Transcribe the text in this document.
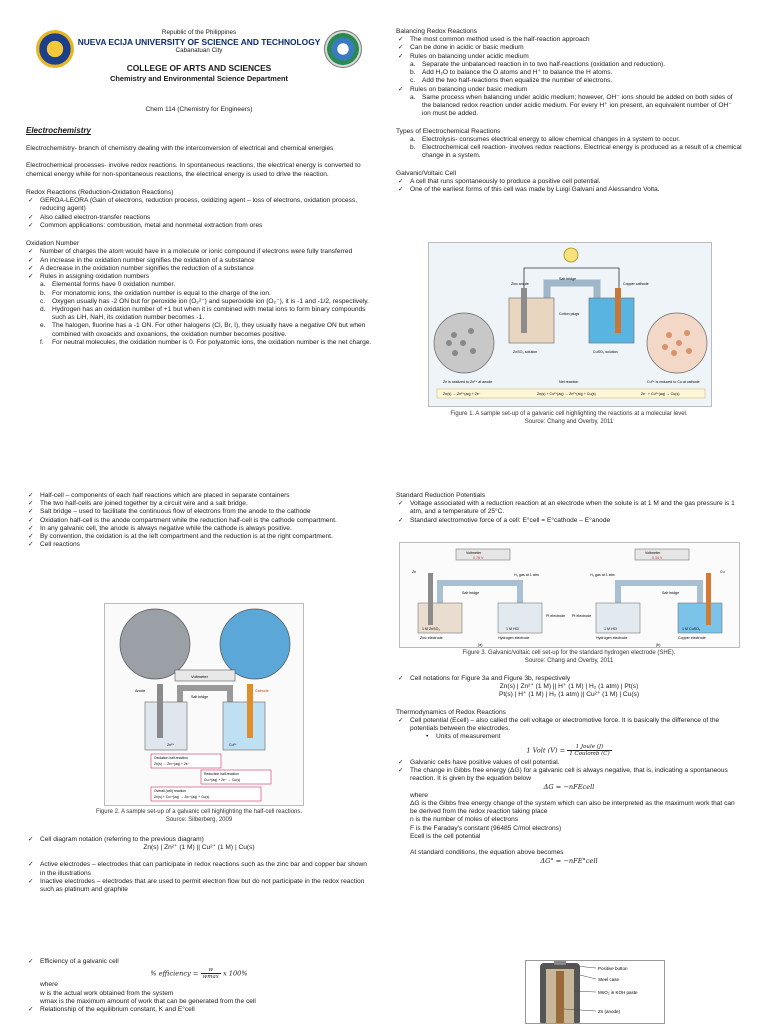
Republic of the Philippines

NUEVA ECIJA UNIVERSITY OF SCIENCE AND TECHNOLOGY

Cabanatuan City

COLLEGE OF ARTS AND SCIENCES

Chemistry and Environmental Science Department

Chem 114 (Chemistry for Engineers)

Electrochemistry

Electrochemistry- branch of chemistry dealing with the interconversion of electrical and chemical energies

Electrochemical processes- involve redox reactions. In spontaneous reactions, the electrical energy is converted to chemical energy while for non-spontaneous reactions, the electrical energy is used to drive the reaction.

Redox Reactions (Reduction-Oxidation Reactions)

✓ GEROA-LEORA (Gain of electrons, reduction process, oxidizing agent – loss of electrons, oxidation process, reducing agent)

✓ Also called electron-transfer reactions

✓ Common applications: combustion, metal and nonmetal extraction from ores

Oxidation Number

✓ Number of charges the atom would have in a molecule or ionic compound if electrons were fully transferred

✓ An increase in the oxidation number signifies the oxidation of a substance

✓ A decrease in the oxidation number signifies the reduction of a substance

✓ Rules in assigning oxidation numbers

a. Elemental forms have 0 oxidation number.

b. For monatomic ions, the oxidation number is equal to the charge of the ion.

c. Oxygen usually has -2 ON but for peroxide ion (O₂²⁻) and superoxide ion (O₂⁻), it is -1 and -1/2, respectively.

d. Hydrogen has an oxidation number of +1 but when it is combined with metal ions to form binary compounds such as LiH, NaH, its oxidation number becomes -1.

e. The halogen, fluorine has a -1 ON. For other halogens (Cl, Br, I), they usually have a negative ON but when combined with oxoacids and oxoanions, the oxidation number becomes positive.

f. For neutral molecules, the oxidation number is 0. For polyatomic ions, the oxidation number is the net charge.

Balancing Redox Reactions

✓ The most common method used is the half-reaction approach

✓ Can be done in acidic or basic medium

✓ Rules on balancing under acidic medium

a. Separate the unbalanced reaction in to two half-reactions (oxidation and reduction).

b. Add H₂O to balance the O atoms and H⁺ to balance the H atoms.

c. Add the two half-reactions then equalize the number of electrons.

✓ Rules on balancing under basic medium

a. Same process when balancing under acidic medium; however, OH⁻ ions should be added on both sides of the balanced redox reaction under acidic medium. For every H⁺ ion present, an equivalent number of OH⁻ ion must be added.

Types of Electrochemical Reactions

a. Electrolysis- consumes electrical energy to allow chemical changes in a system to occur.

b. Electrochemical cell reaction- involves redox reactions. Electrical energy is produced as a result of a chemical change in a system.

Galvanic/Voltaic Cell

✓ A cell that runs spontaneously to produce a positive cell potential.

✓ One of the earliest forms of this cell was made by Luigi Galvani and Alessandro Volta.

Zinc anode
Salt bridge
Copper cathode
Cotton plugs
ZnSO₄ solution	CuSO₄ solution
Zn is oxidized to Zn²⁺ at anode	Cu²⁺ is reduced to Cu at cathode
Net reaction
Zn(s) → Zn²⁺(aq) + 2e⁻	Zn(s) + Cu²⁺(aq) → Zn²⁺(aq) + Cu(s)	2e⁻ + Cu²⁺(aq) → Cu(s)

Figure 1. A sample set-up of a galvanic cell highlighting the reactions at a molecular level.

Source: Chang and Overby, 2011

✓ Half-cell – components of each half reactions which are placed in separate containers

✓ The two half-cells are joined together by a circuit wire and a salt bridge.

✓ Salt bridge – used to facilitate the continuous flow of electrons from the anode to the cathode

✓ Oxidation half-cell is the anode compartment while the reduction half-cell is the cathode compartment.

✓ In any galvanic cell, the anode is always negative while the cathode is always positive.

✓ By convention, the oxidation is at the left compartment and the reduction is at the right compartment.

✓ Cell reactions

Voltmeter
Salt bridge
Anode	Cathode
Zn²⁺	Cu²⁺
Oxidation half-reaction
Zn(s) → Zn²⁺(aq) + 2e⁻
Reduction half-reaction
Cu²⁺(aq) + 2e⁻ → Cu(s)
Overall (cell) reaction
Zn(s) + Cu²⁺(aq) → Zn²⁺(aq) + Cu(s)

Figure 2. A sample set-up of a galvanic cell highlighting the half-cell reactions.

Source: Silberberg, 2009

✓ Cell diagram notation (referring to the previous diagram)

Zn(s) | Zn²⁺ (1 M) || Cu²⁺ (1 M) | Cu(s)

✓ Active electrodes – electrodes that can participate in redox reactions such as the zinc bar and copper bar shown in the illustrations

✓ Inactive electrodes – electrodes that are used to permit electron flow but do not participate in the redox reaction such as platinum and graphite

Standard Reduction Potentials

✓ Voltage associated with a reduction reaction at an electrode when the solute is at 1 M and the gas pressure is 1 atm, and a temperature of 25°C.

✓ Standard electromotive force of a cell: E°cell = E°cathode – E°anode

Voltmeter
0.76 V
Voltmeter
0.34 V
Zn
H₂ gas at 1 atm	H₂ gas at 1 atm
Cu
Salt bridge	Salt bridge
Pt electrode Pt electrode
1 M ZnSO₄	1 M HCl	1 M HCl	1 M CuSO₄
Zinc electrode	Hydrogen electrode	Hydrogen electrode	Copper electrode
(a)	(b)

Figure 3. Galvanic/voltaic cell set-up for the standard hydrogen electrode (SHE).

Source: Chang and Overby, 2011

✓ Cell notations for Figure 3a and Figure 3b, respectively

Zn(s) | Zn²⁺ (1 M) || H⁺ (1 M) | H₂ (1 atm) | Pt(s)

Pt(s) | H⁺ (1 M) | H₂ (1 atm) || Cu²⁺ (1 M) | Cu(s)

Thermodynamics of Redox Reactions

✓ Cell potential (Ecell) – also called the cell voltage or electromotive force. It is basically the difference of the potentials between the electrodes.

• Units of measurement

1 Volt $(V) = \frac{\text{1 Joule (J)}}{\text{1 Coulomb (C)}}$

✓ Galvanic cells have positive values of cell potential.

✓ The change in Gibbs free energy (ΔG) for a galvanic cell is always negative, that is, indicating a spontaneous reaction. It is given by the equation below

ΔG = −nFEcell

where

ΔG is the Gibbs free energy change of the system which can also be interpreted as the maximum work that can be derived from the redox reaction taking place

n is the number of moles of electrons

F is the Faraday's constant (96485 C/mol electrons)

Ecell is the cell potential

At standard conditions, the equation above becomes

ΔG° = −nFE°cell

✓ Efficiency of a galvanic cell

% efficiency = $\frac{w}{wmax}$ x 100%

where

w is the actual work obtained from the system

wmax is the maximum amount of work that can be generated from the cell

✓ Relationship of the equilibrium constant, K and E°cell

Positive button
Steel case
MnO₂ in KOH paste
Zn (anode)
